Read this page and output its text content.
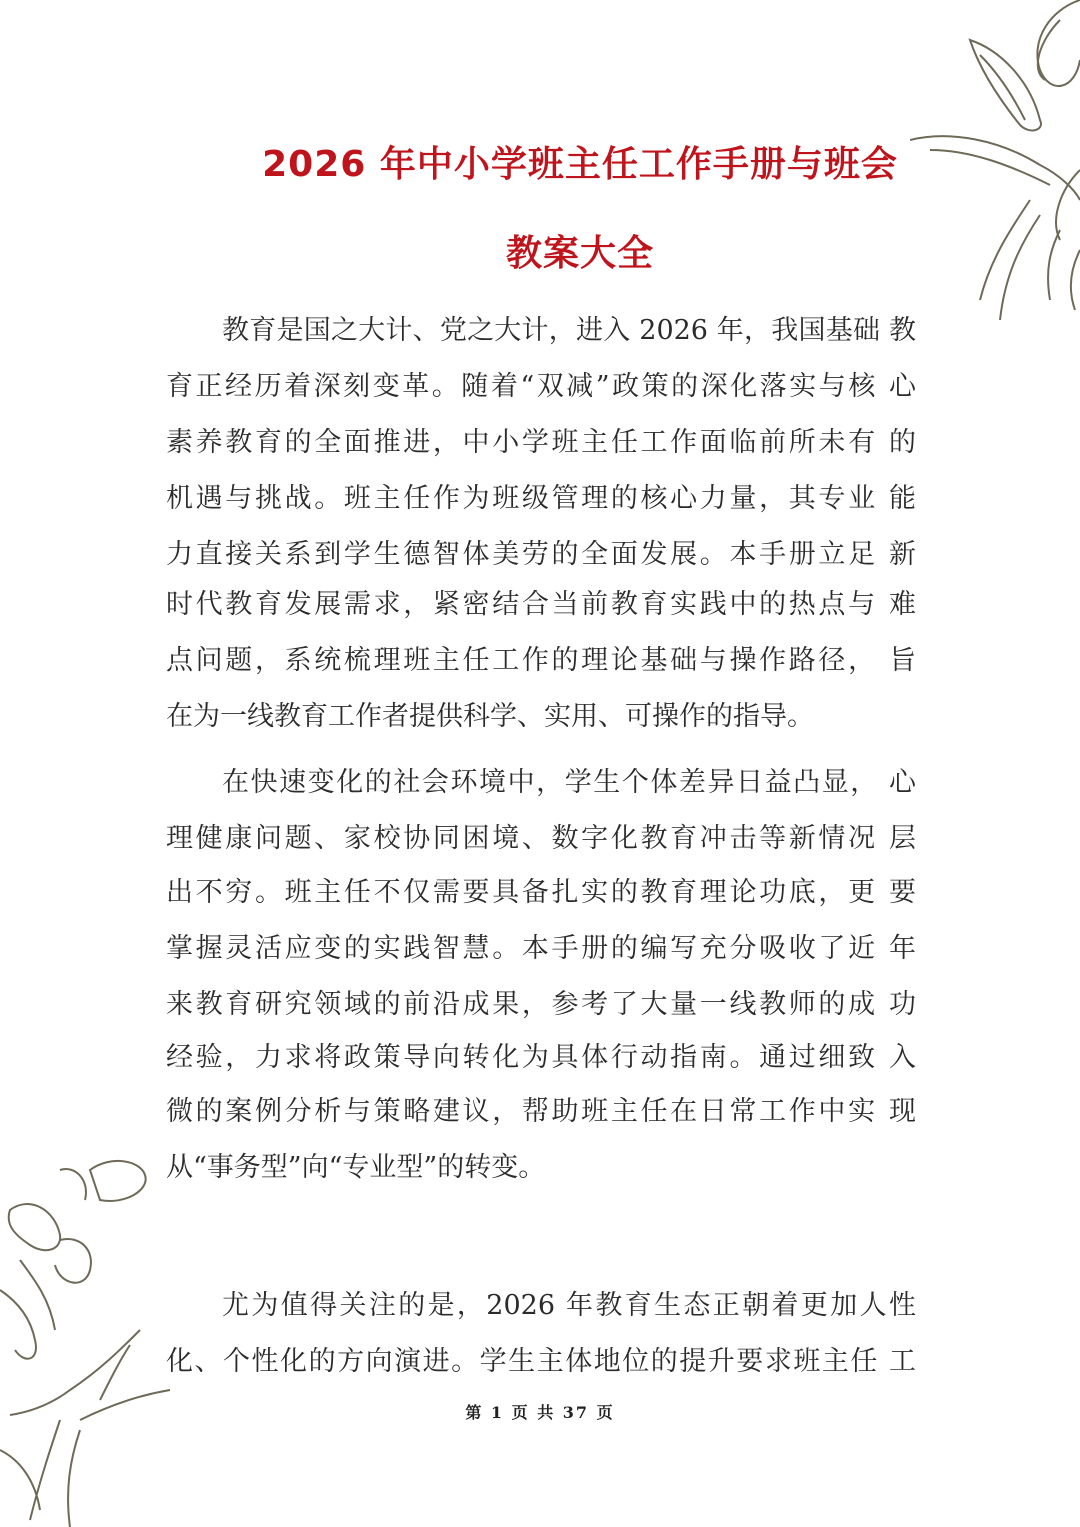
2026 年中小学班主任工作手册与班会
教案大全
教育是国之大计、党之大计，进入 2026 年，我国基础 教
育正经历着深刻变革。随着“双减”政策的深化落实与核 心
素养教育的全面推进，中小学班主任工作面临前所未有 的
机遇与挑战。班主任作为班级管理的核心力量，其专业 能
力直接关系到学生德智体美劳的全面发展。本手册立足 新
时代教育发展需求，紧密结合当前教育实践中的热点与 难
点问题，系统梳理班主任工作的理论基础与操作路径， 旨
在为一线教育工作者提供科学、实用、可操作的指导。
在快速变化的社会环境中，学生个体差异日益凸显， 心
理健康问题、家校协同困境、数字化教育冲击等新情况 层
出不穷。班主任不仅需要具备扎实的教育理论功底，更 要
掌握灵活应变的实践智慧。本手册的编写充分吸收了近 年
来教育研究领域的前沿成果，参考了大量一线教师的成 功
经验，力求将政策导向转化为具体行动指南。通过细致 入
微的案例分析与策略建议，帮助班主任在日常工作中实 现
从“事务型”向“专业型”的转变。
尤为值得关注的是，2026 年教育生态正朝着更加人性
化、个性化的方向演进。学生主体地位的提升要求班主任 工
第 1 页 共 37 页
